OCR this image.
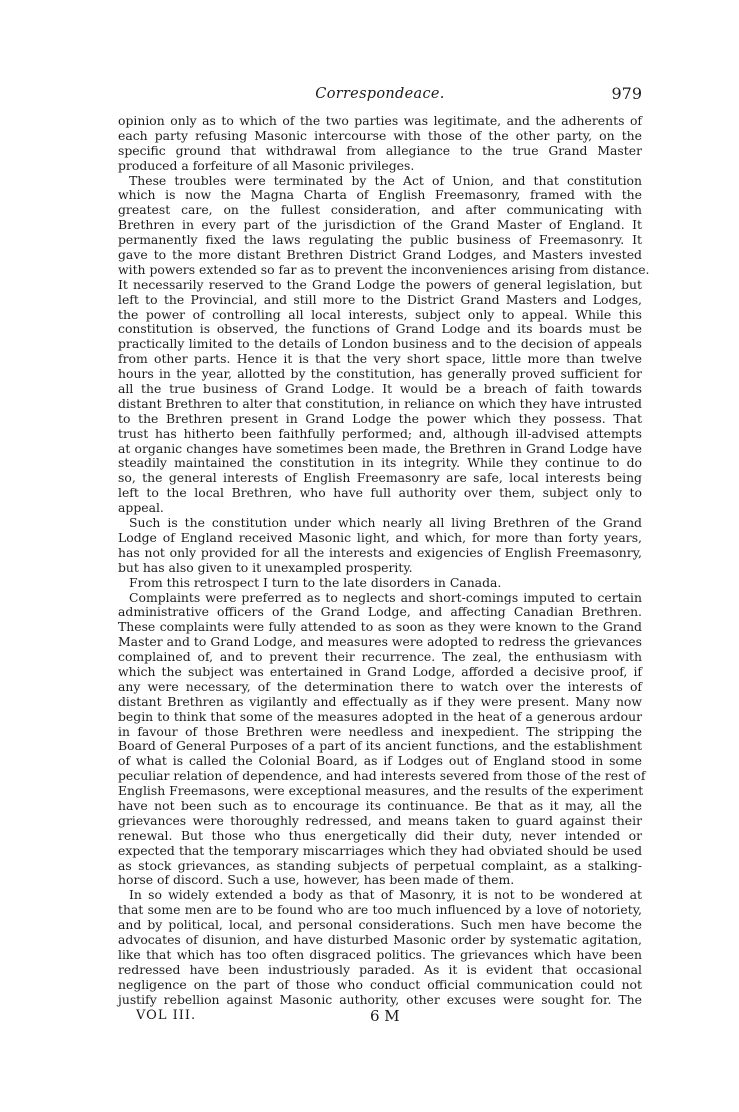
Correspondeace.	979
opinion only as to which of the two parties was legitimate, and the adherents of
each party refusing Masonic intercourse with those of the other party, on the
specific ground that withdrawal from allegiance to the true Grand Master
produced a forfeiture of all Masonic privileges.
These troubles were terminated by the Act of Union, and that constitution
which is now the Magna Charta of English Freemasonry, framed with the
greatest care, on the fullest consideration, and after communicating with
Brethren in every part of the jurisdiction of the Grand Master of England. It
permanently fixed the laws regulating the public business of Freemasonry. It
gave to the more distant Brethren District Grand Lodges, and Masters invested
with powers extended so far as to prevent the inconveniences arising from distance.
It necessarily reserved to the Grand Lodge the powers of general legislation, but
left to the Provincial, and still more to the District Grand Masters and Lodges,
the power of controlling all local interests, subject only to appeal. While this
constitution is observed, the functions of Grand Lodge and its boards must be
practically limited to the details of London business and to the decision of appeals
from other parts. Hence it is that the very short space, little more than twelve
hours in the year, allotted by the constitution, has generally proved sufficient for
all the true business of Grand Lodge. It would be a breach of faith towards
distant Brethren to alter that constitution, in reliance on which they have intrusted
to the Brethren present in Grand Lodge the power which they possess. That
trust has hitherto been faithfully performed; and, although ill-advised attempts
at organic changes have sometimes been made, the Brethren in Grand Lodge have
steadily maintained the constitution in its integrity. While they continue to do
so, the general interests of English Freemasonry are safe, local interests being
left to the local Brethren, who have full authority over them, subject only to
appeal.
Such is the constitution under which nearly all living Brethren of the Grand
Lodge of England received Masonic light, and which, for more than forty years,
has not only provided for all the interests and exigencies of English Freemasonry,
but has also given to it unexampled prosperity.
From this retrospect I turn to the late disorders in Canada.
Complaints were preferred as to neglects and short-comings imputed to certain
administrative officers of the Grand Lodge, and affecting Canadian Brethren.
These complaints were fully attended to as soon as they were known to the Grand
Master and to Grand Lodge, and measures were adopted to redress the grievances
complained of, and to prevent their recurrence. The zeal, the enthusiasm with
which the subject was entertained in Grand Lodge, afforded a decisive proof, if
any were necessary, of the determination there to watch over the interests of
distant Brethren as vigilantly and effectually as if they were present. Many now
begin to think that some of the measures adopted in the heat of a generous ardour
in favour of those Brethren were needless and inexpedient. The stripping the
Board of General Purposes of a part of its ancient functions, and the establishment
of what is called the Colonial Board, as if Lodges out of England stood in some
peculiar relation of dependence, and had interests severed from those of the rest of
English Freemasons, were exceptional measures, and the results of the experiment
have not been such as to encourage its continuance. Be that as it may, all the
grievances were thoroughly redressed, and means taken to guard against their
renewal. But those who thus energetically did their duty, never intended or
expected that the temporary miscarriages which they had obviated should be used
as stock grievances, as standing subjects of perpetual complaint, as a stalking-
horse of discord. Such a use, however, has been made of them.
In so widely extended a body as that of Masonry, it is not to be wondered at
that some men are to be found who are too much influenced by a love of notoriety,
and by political, local, and personal considerations. Such men have become the
advocates of disunion, and have disturbed Masonic order by systematic agitation,
like that which has too often disgraced politics. The grievances which have been
redressed have been industriously paraded. As it is evident that occasional
negligence on the part of those who conduct official communication could not
justify rebellion against Masonic authority, other excuses were sought for. The
VOL III.	6 M
